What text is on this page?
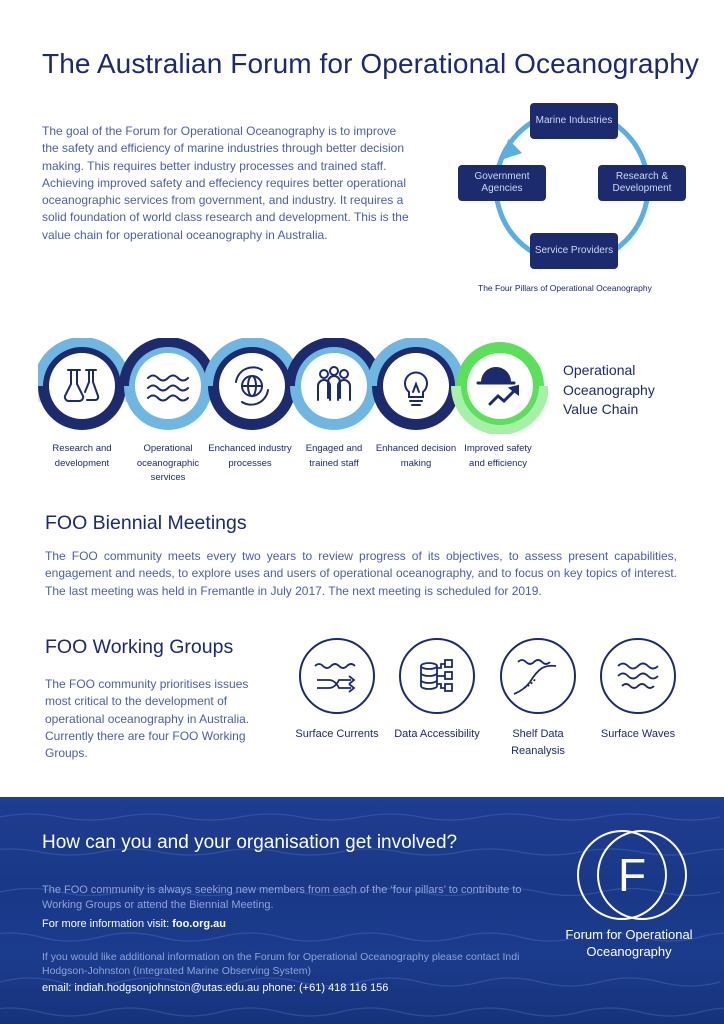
The Australian Forum for Operational Oceanography

The goal of the Forum for Operational Oceanography is to improve the safety and efficiency of marine industries through better decision making. This requires better industry processes and trained staff. Achieving improved safety and effeciency requires better operational oceanographic services from government, and industry. It requires a solid foundation of world class research and development. This is the value chain for operational oceanography in Australia.

Marine Industries
Research & Development
Service Providers
Government Agencies
The Four Pillars of Operational Oceanography
Operational Oceanography Value Chain
Research and development
Operational oceanographic services
Enchanced industry processes
Engaged and trained staff
Enhanced decision making
Improved safety and efficiency
FOO Biennial Meetings

The FOO community meets every two years to review progress of its objectives, to assess present capabilities, engagement and needs, to explore uses and users of operational oceanography, and to focus on key topics of interest. The last meeting was held in Fremantle in July 2017. The next meeting is scheduled for 2019.

FOO Working Groups

The FOO community prioritises issues most critical to the development of operational oceanography in Australia. Currently there are four FOO Working Groups.

Surface Currents	Data Accessibility	Shelf Data Reanalysis
Surface Waves
How can you and your organisation get involved?

The FOO community is always seeking new members from each of the ‘four pillars’ to contribute to Working Groups or attend the Biennial Meeting.

For more information visit: foo.org.au

If you would like additional information on the Forum for Operational Oceanography please contact Indi Hodgson-Johnston (Integrated Marine Observing System)

email: indiah.hodgsonjohnston@utas.edu.au phone: (+61) 418 116 156
F
Forum for Operational Oceanography
